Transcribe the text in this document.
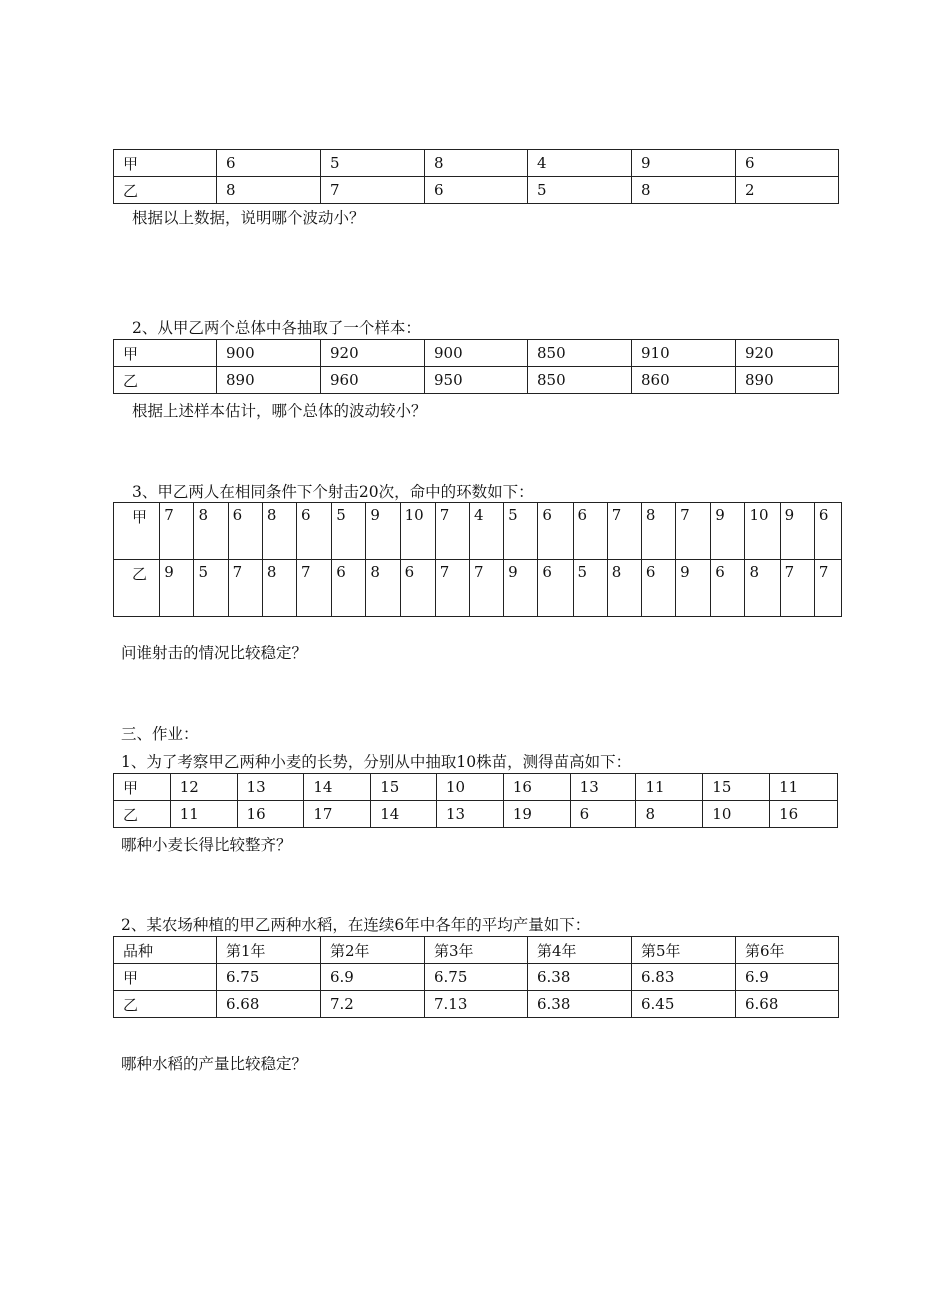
甲	6	5	8	4	9	6
乙	8	7	6	5	8	2
根据以上数据，说明哪个波动小？
2、从甲乙两个总体中各抽取了一个样本：
甲	900	920	900	850	910	920
乙	890	960	950	850	860	890
根据上述样本估计，哪个总体的波动较小？
3、甲乙两人在相同条件下个射击20次，命中的环数如下：
甲	7	8	6	8	6	5	9	10	7	4	5	6	6	7	8	7	9	10	9	6
乙	9	5	7	8	7	6	8	6	7	7	9	6	5	8	6	9	6	8	7	7
问谁射击的情况比较稳定？
三、作业：
1、为了考察甲乙两种小麦的长势，分别从中抽取10株苗，测得苗高如下：
甲	12	13	14	15	10	16	13	11	15	11
乙	11	16	17	14	13	19	6	8	10	16
哪种小麦长得比较整齐？
2、某农场种植的甲乙两种水稻，在连续6年中各年的平均产量如下：
品种	第1年	第2年	第3年	第4年	第5年	第6年
甲	6.75	6.9	6.75	6.38	6.83	6.9
乙	6.68	7.2	7.13	6.38	6.45	6.68
哪种水稻的产量比较稳定？
